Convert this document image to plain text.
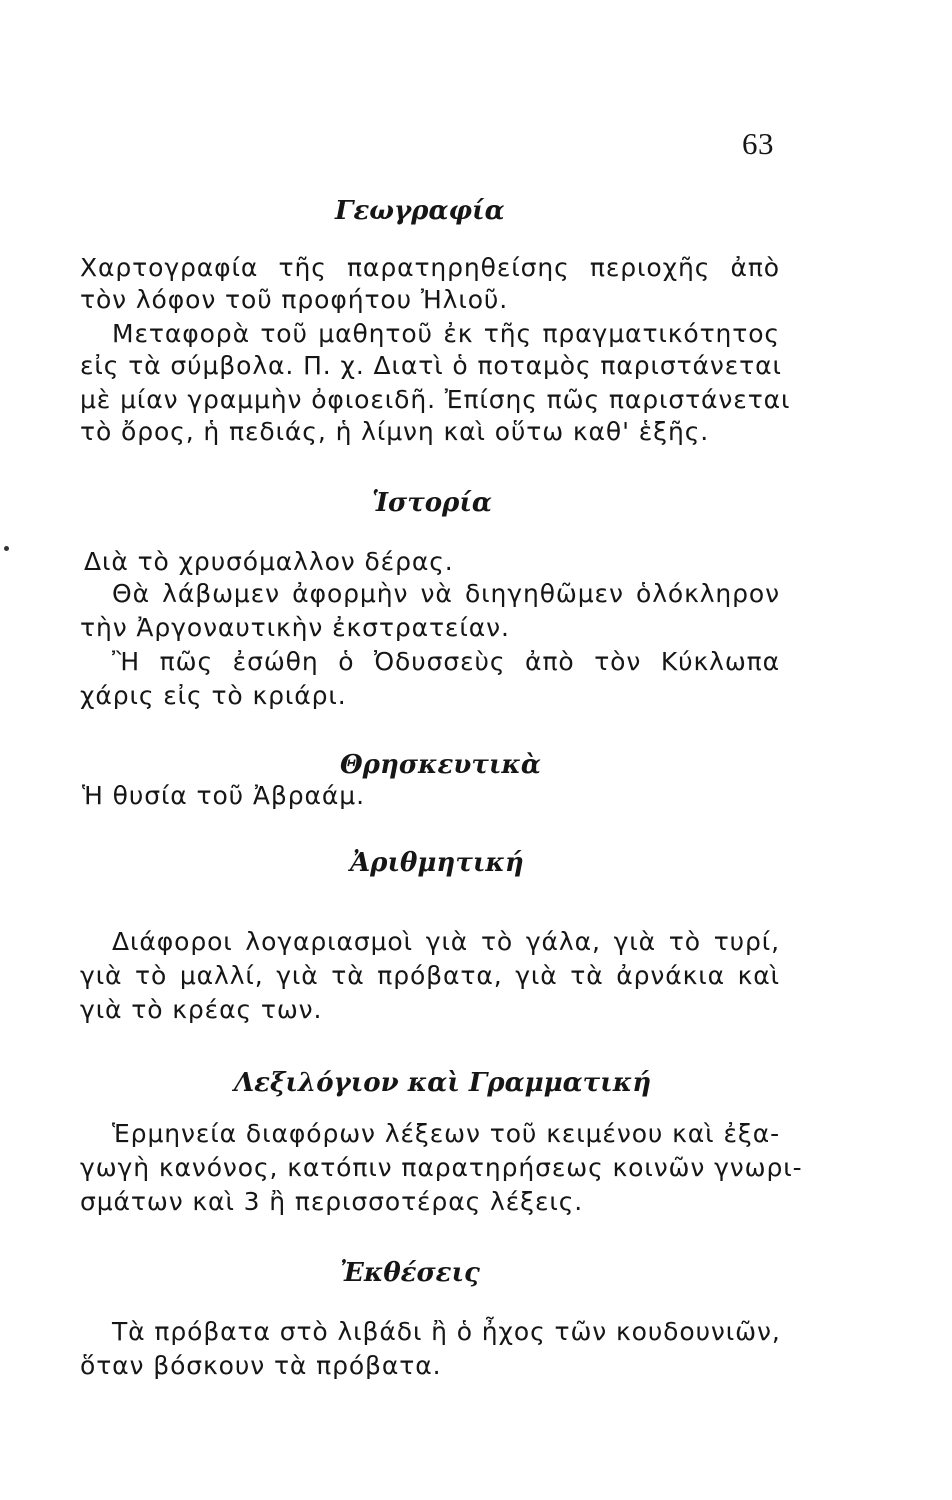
63
Γεωγραφία
Χαρτογραφία τῆς παρατηρηθείσης περιοχῆς ἀπὸ
τὸν λόφον τοῦ προφήτου Ἠλιοῦ.
Μεταφορὰ τοῦ μαθητοῦ ἐκ τῆς πραγματικότητος
εἰς τὰ σύμβολα. Π. χ. Διατὶ ὁ ποταμὸς παριστάνεται
μὲ μίαν γραμμὴν ὀφιοειδῆ. Ἐπίσης πῶς παριστάνεται
τὸ ὄρος, ἡ πεδιάς, ἡ λίμνη καὶ οὕτω καθ' ἑξῆς.
Ἱστορία
Διὰ τὸ χρυσόμαλλον δέρας.
Θὰ λάβωμεν ἀφορμὴν νὰ διηγηθῶμεν ὁλόκληρον
τὴν Ἀργοναυτικὴν ἐκστρατείαν.
Ἢ πῶς ἐσώθη ὁ Ὀδυσσεὺς ἀπὸ τὸν Κύκλωπα
χάρις εἰς τὸ κριάρι.
Θρησκευτικὰ
Ἡ θυσία τοῦ Ἀβραάμ.
Ἀριθμητική
Διάφοροι λογαριασμοὶ γιὰ τὸ γάλα, γιὰ τὸ τυρί,
γιὰ τὸ μαλλί, γιὰ τὰ πρόβατα, γιὰ τὰ ἀρνάκια καὶ
γιὰ τὸ κρέας των.
Λεξιλόγιον καὶ Γραμματική
Ἑρμηνεία διαφόρων λέξεων τοῦ κειμένου καὶ ἐξα-
γωγὴ κανόνος, κατόπιν παρατηρήσεως κοινῶν γνωρι-
σμάτων καὶ 3 ἢ περισσοτέρας λέξεις.
Ἐκθέσεις
Τὰ πρόβατα στὸ λιβάδι ἢ ὁ ἦχος τῶν κουδουνιῶν,
ὅταν βόσκουν τὰ πρόβατα.
